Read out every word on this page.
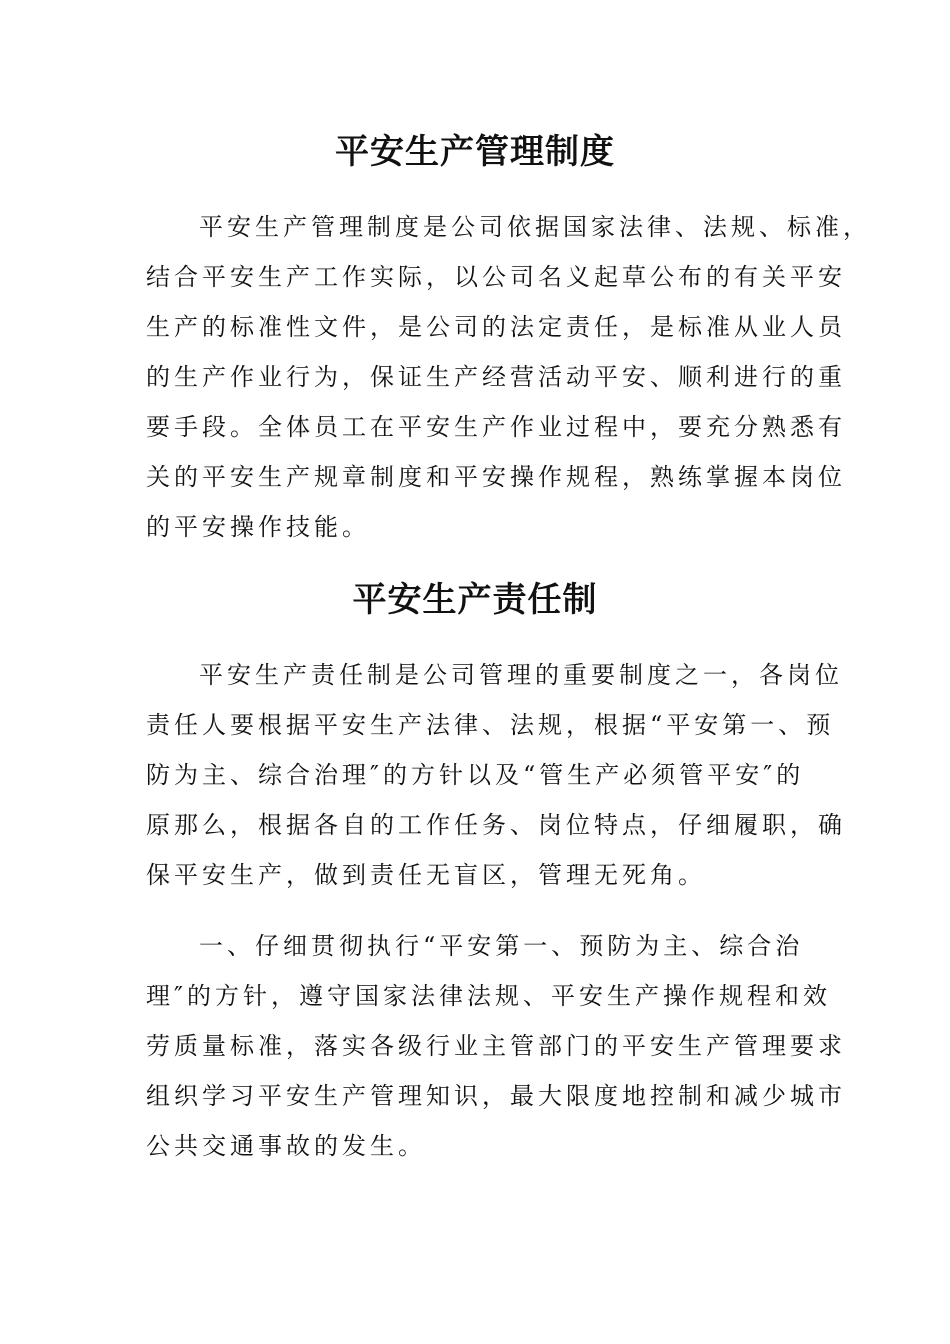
平安生产管理制度
平安生产管理制度是公司依据国家法律、法规、标准，
结合平安生产工作实际，以公司名义起草公布的有关平安
生产的标准性文件，是公司的法定责任，是标准从业人员
的生产作业行为，保证生产经营活动平安、顺利进行的重
要手段。全体员工在平安生产作业过程中，要充分熟悉有
关的平安生产规章制度和平安操作规程，熟练掌握本岗位
的平安操作技能。
平安生产责任制
平安生产责任制是公司管理的重要制度之一，各岗位
责任人要根据平安生产法律、法规，根据“平安第一、预
防为主、综合治理″的方针以及“管生产必须管平安″的
原那么，根据各自的工作任务、岗位特点，仔细履职，确
保平安生产，做到责任无盲区，管理无死角。
一、仔细贯彻执行“平安第一、预防为主、综合治
理″的方针，遵守国家法律法规、平安生产操作规程和效
劳质量标准，落实各级行业主管部门的平安生产管理要求
组织学习平安生产管理知识，最大限度地控制和减少城市
公共交通事故的发生。
